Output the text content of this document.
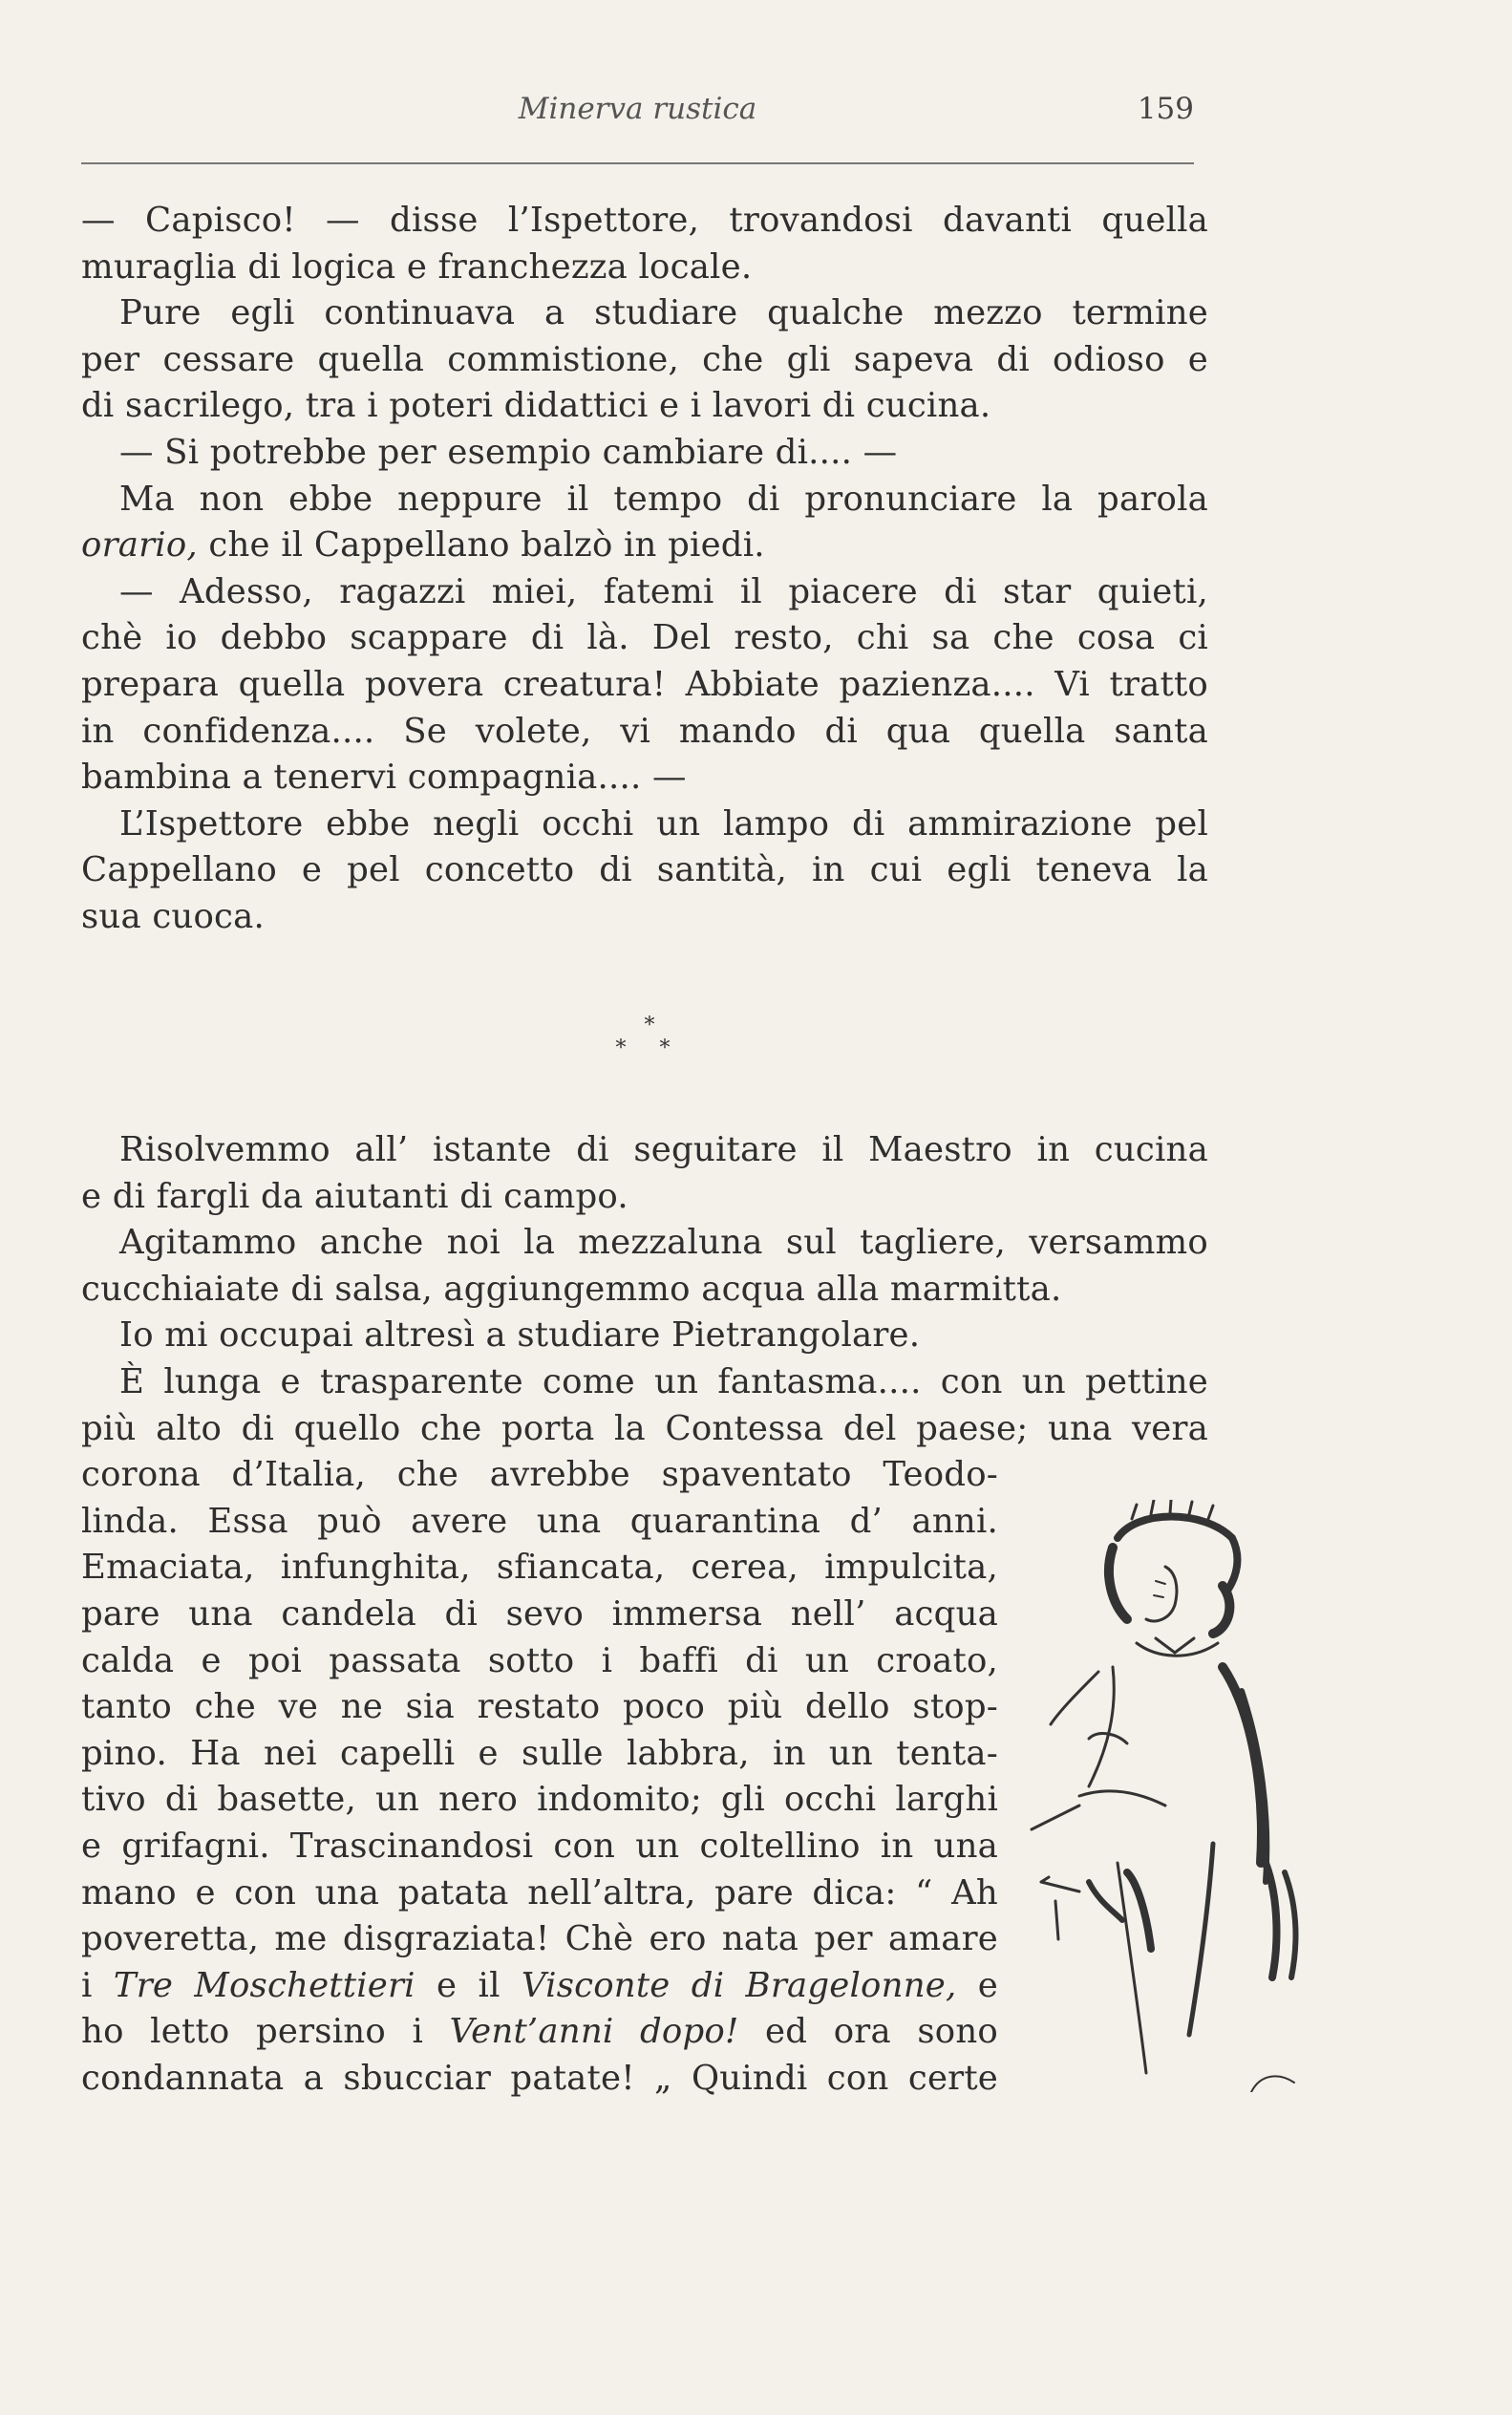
Minerva rustica	159
— Capisco! — disse l’Ispettore, trovandosi davanti quella
muraglia di logica e franchezza locale.
Pure egli continuava a studiare qualche mezzo termine
per cessare quella commistione, che gli sapeva di odioso e
di sacrilego, tra i poteri didattici e i lavori di cucina.
— Si potrebbe per esempio cambiare di.... —
Ma non ebbe neppure il tempo di pronunciare la parola
orario, che il Cappellano balzò in piedi.
— Adesso, ragazzi miei, fatemi il piacere di star quieti,
chè io debbo scappare di là. Del resto, chi sa che cosa ci
prepara quella povera creatura! Abbiate pazienza.... Vi tratto
in confidenza.... Se volete, vi mando di qua quella santa
bambina a tenervi compagnia.... —
L’Ispettore ebbe negli occhi un lampo di ammirazione pel
Cappellano e pel concetto di santità, in cui egli teneva la
sua cuoca.
*
* *
Risolvemmo all’ istante di seguitare il Maestro in cucina
e di fargli da aiutanti di campo.
Agitammo anche noi la mezzaluna sul tagliere, versammo
cucchiaiate di salsa, aggiungemmo acqua alla marmitta.
Io mi occupai altresì a studiare Pietrangolare.
È lunga e trasparente come un fantasma.... con un pettine
più alto di quello che porta la Contessa del paese; una vera
corona d’Italia, che avrebbe spaventato Teodo-
linda. Essa può avere una quarantina d’ anni.
Emaciata, infunghita, sfiancata, cerea, impulcita,
pare una candela di sevo immersa nell’ acqua
calda e poi passata sotto i baffi di un croato,
tanto che ve ne sia restato poco più dello stop-
pino. Ha nei capelli e sulle labbra, in un tenta-
tivo di basette, un nero indomito; gli occhi larghi
e grifagni. Trascinandosi con un coltellino in una
mano e con una patata nell’altra, pare dica: “ Ah
poveretta, me disgraziata! Chè ero nata per amare
i Tre Moschettieri e il Visconte di Bragelonne, e
ho letto persino i Vent’anni dopo! ed ora sono
condannata a sbucciar patate! „ Quindi con certe
